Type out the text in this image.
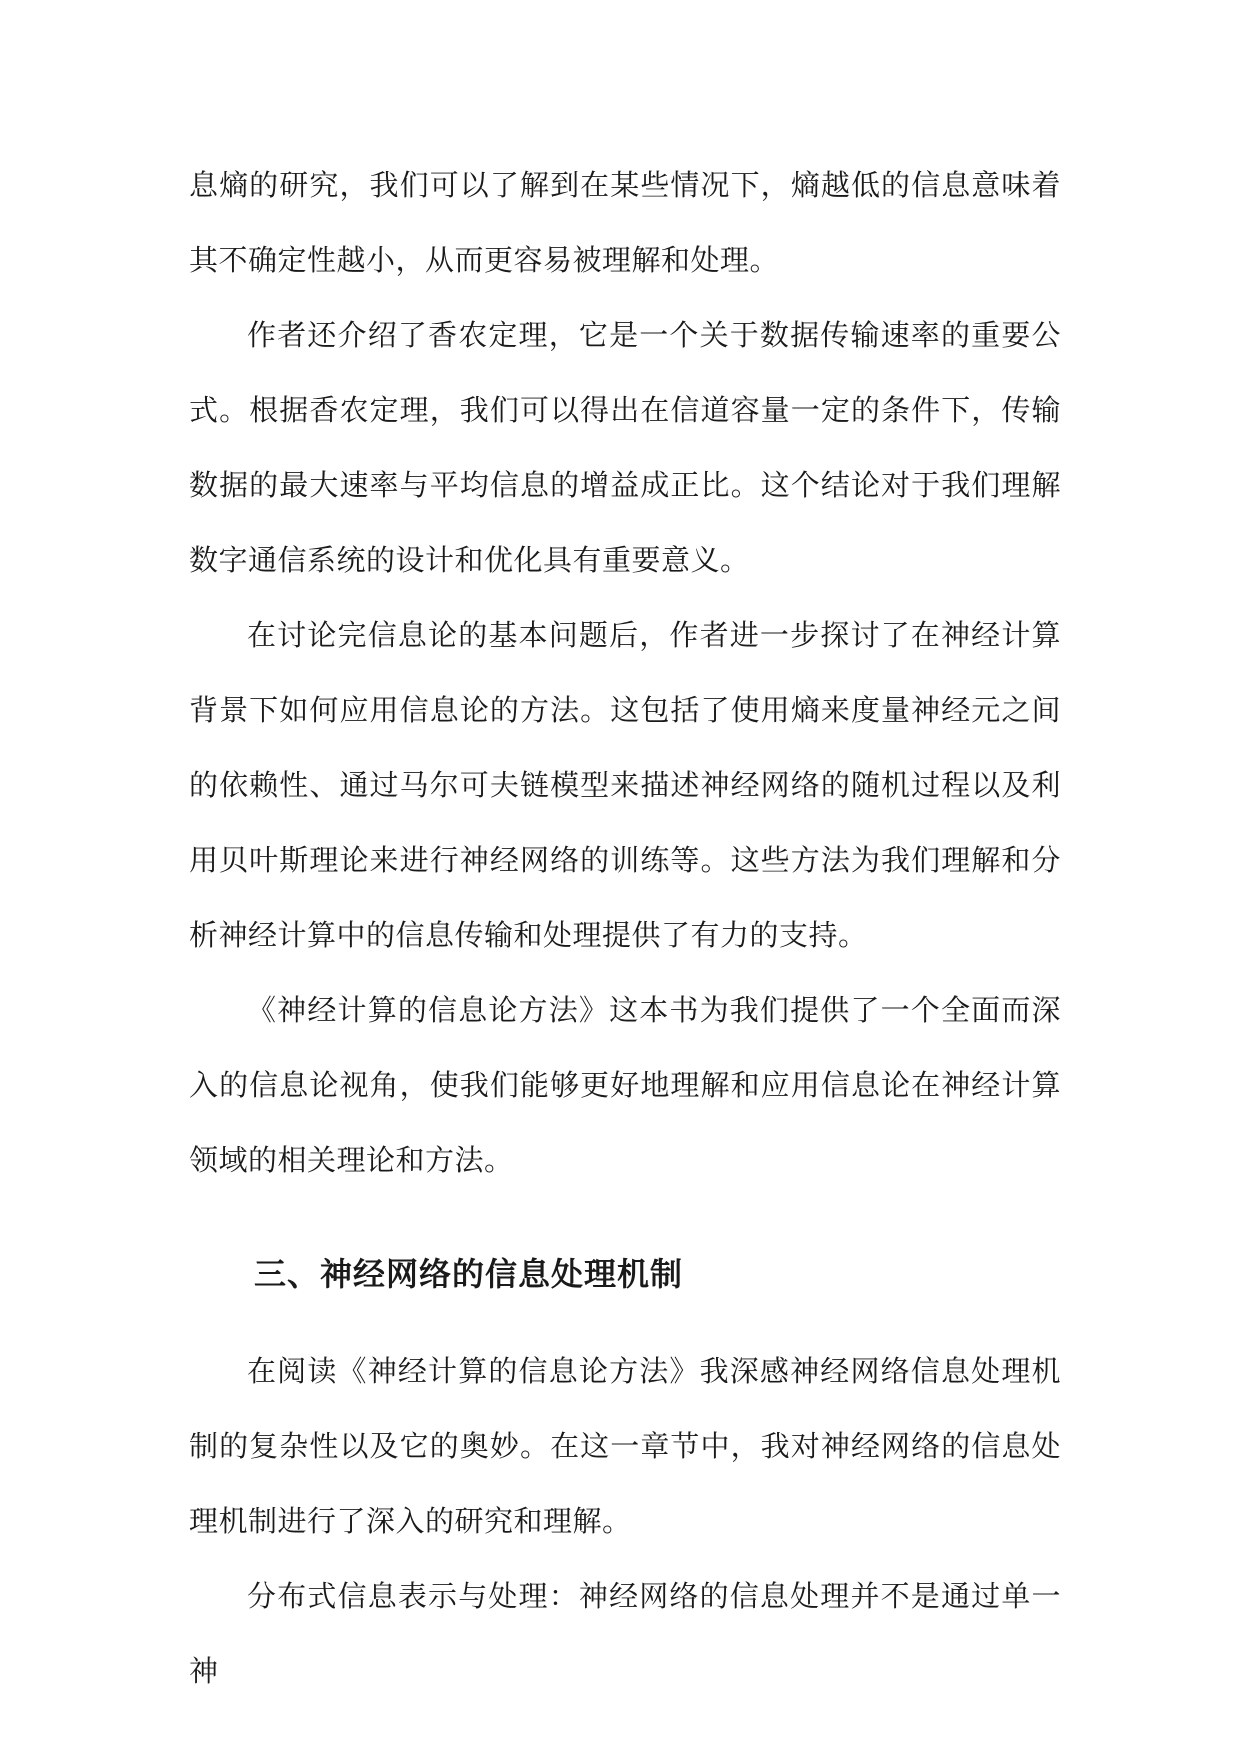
息熵的研究，我们可以了解到在某些情况下，熵越低的信息意味着其不确定性越小，从而更容易被理解和处理。

作者还介绍了香农定理，它是一个关于数据传输速率的重要公式。根据香农定理，我们可以得出在信道容量一定的条件下，传输数据的最大速率与平均信息的增益成正比。这个结论对于我们理解数字通信系统的设计和优化具有重要意义。

在讨论完信息论的基本问题后，作者进一步探讨了在神经计算背景下如何应用信息论的方法。这包括了使用熵来度量神经元之间的依赖性、通过马尔可夫链模型来描述神经网络的随机过程以及利用贝叶斯理论来进行神经网络的训练等。这些方法为我们理解和分析神经计算中的信息传输和处理提供了有力的支持。

《神经计算的信息论方法》这本书为我们提供了一个全面而深入的信息论视角，使我们能够更好地理解和应用信息论在神经计算领域的相关理论和方法。

三、神经网络的信息处理机制

在阅读《神经计算的信息论方法》我深感神经网络信息处理机制的复杂性以及它的奥妙。在这一章节中，我对神经网络的信息处理机制进行了深入的研究和理解。

分布式信息表示与处理：神经网络的信息处理并不是通过单一神
